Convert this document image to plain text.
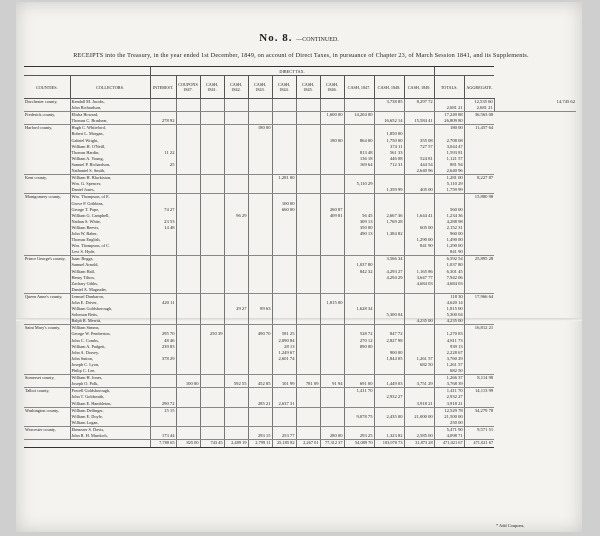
No. 8. —CONTINUED.
RECEIPTS into the Treasury, in the year ended 1st December, 1849, on account of Direct Taxes, in pursuance of Chapter 23, of March Session 1841, and its Supplements.
		DIRECT TAX.													
COUNTIES.	COLLECTORS.	INTEREST.	COUPONS 1847.	CASH, 1841.	CASH, 1842.	CASH, 1843.	CASH, 1844.	CASH, 1845.	CASH, 1846.	CASH, 1847.	CASH, 1848.	CASH, 1849.	TOTALS.	AGGREGATE.	
Dorchester county,	Kendall M. Jacobs,										3,738 85	8,297 72		12,535 60	14,745 62
	John Richardson,												2,681 21	2,681 21	
Frederick county,	Elisha Howard,								1,600 00	14,204 00			17,249 88	36,563 00	
	Thomas C. Brashear,	278 92									16,652 14	15,584 41	26,809 80		
Harford county,	Hugh C. Whiteford,					180 00							180 00	11,457 64	
	Robert L. Morgan,										1,850 00				
	Gabriel Wright,								180 00	864 00	1,750 00	355 08	2,708 08		
	William H. O'Neill,										374 11	727 57	3,044 47		
	Thomas Hardin,	11 22								813 48	561 33		1,593 81		
	William A. Young,									136 18	446 08	524 81	1,121 57		
	Samuel P. Richardson,	25								169 64	712 31	444 54	881 94		
	Nathaniel S. Smith,											2,640 96	2,640 96		
Kent county,	William H. Blackiston,						1,281 00						1,281 00	8,227 87	
	Wm. G. Spencer,									5,110 29			5,110 29		
	Daniel Jones,										1,359 99	405 00	1,759 99		
Montgomery county,	Wm. Thompson, of E.													15,880 98	
	Grove P. Gribbins,						100 00								
	George T. Pope,	74 27					660 00		260 87				560 00		
	William G. Campbell,				96 29				409 81	56 45	2,667 36	1,644 41	1,234 36		
	Nathan S. White,	23 53								309 13	1,769 28		4,288 98		
	William Beevis,	14 48								350 00		605 00	2,152 31		
	John W. Baber,									490 13	1,384 82		960 00		
	Thomas English,											1,290 00	1,490 00		
	Wm. Thompson, of C.											841 90	1,290 00		
	Levi S. Hyde,												841 90		
Prince George's county,	Isaac Boggs,										3,566 34		6,592 54	25,895 28	
	Samuel Arnold,									1,037 80			1,037 80		
	William Hall,									842 32	4,293 27	1,165 86	6,301 45		
	Henry Tilton,										4,294 29	3,647 77	7,942 06		
	Zachary Gibbs,											4,684 03	4,684 03		
	Daniel A. Magruder,														
Queen Anne's county,	Lemuel Dunbaron,												118 30	17,966 64	
	John E. Driver,	420 11							1,815 00				4,620 14		
	William Goldsborough,				29 27	89 63				1,628 34			1,815 00		
	Solomon Betts,										5,300 04		5,300 04		
	Ralph R. Merritt,											4,235 00	4,235 00		
Saint Mary's county,	William Simms,													16,812 21	
	George W. Pemberton,	295 70		250 39		490 70	581 25			528 72	847 72		1,270 83		
	John C. Combs,	48 46					2,090 84			270 12	2,827 98		4,811 73		
	William A. Padgett,	239 83					28 13			890 00			939 13		
	John A. Dorsey,						1,249 67				900 00		2,228 67		
	John Sutton,	378 29					2,601 74				1,844 05	1,261 57	3,760 29		
	Joseph C. Lyon,											682 50	1,261 57		
	Philip C. Lee,												682 50		
Somerset county,	William H. Jones,												1,266 37	8,114 90	
	Joseph O. Polk,		100 00		592 55	452 85	101 99	781 09	91 94	691 00	1,449 03	3,751 29	3,768 39		
Talbot county,	Powell Goldsborough,									1,411 70			1,411 70	14,113 99	
	John T. Goldsmith,										2,932 27		2,932 27		
	William E. Hambleton,	290 72				285 21	2,637 31					3,918 21	3,918 21		
Washington county,	William Dellinger,	15 15											12,529 78	34,279 78	
	William E. Doyle,									9,078 75	2,435 00	21,000 00	21,500 00		
	William Logan,												250 00		
Worcester county,	Ebenezer S. Davis,												5,471 90	9,571 51	
	John R. H. Murdoch,	173 44				293 15	253 77		280 00	293 25	1,323 82	2,585 00	4,098 71		
		7,780 65	825 00	743 45	2,489 19	2,799 11	25,185 82	2,267 01	77,312 37	54,089 70	103,970 73	31,873 28	471,021 67	471,021 67	
* Add Coupons,
